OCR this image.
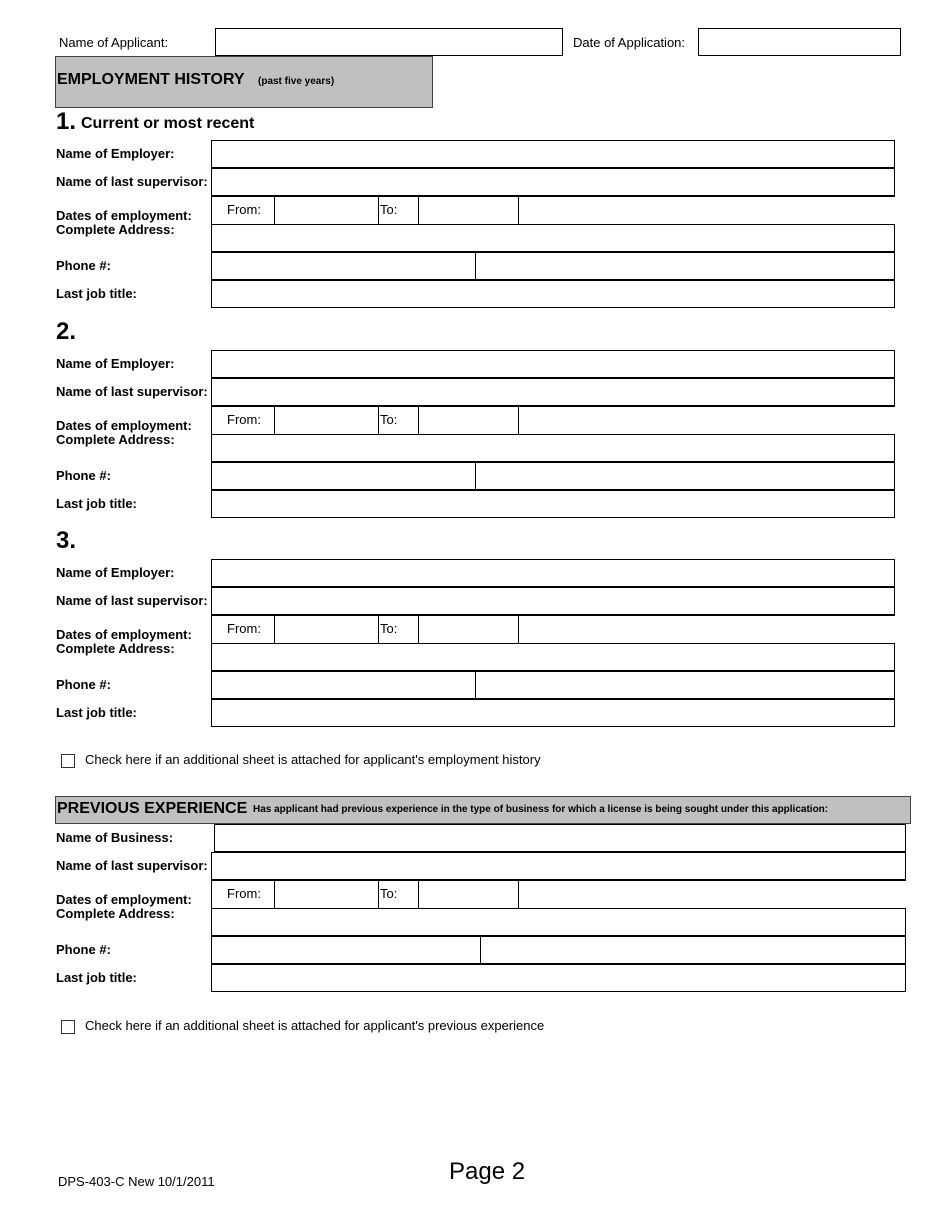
Name of Applicant:	Date of Application:
EMPLOYMENT HISTORY (past five years)
1. Current or most recent
Name of Employer:
Name of last supervisor:
Dates of employment:	From:	To:
Complete Address:
Phone #:
Last job title:
2.
Name of Employer:
Name of last supervisor:
Dates of employment:	From:	To:
Complete Address:
Phone #:
Last job title:
3.
Name of Employer:
Name of last supervisor:
Dates of employment:	From:	To:
Complete Address:
Phone #:
Last job title:
Check here if an additional sheet is attached for applicant's employment history
PREVIOUS EXPERIENCE Has applicant had previous experience in the type of business for which a license is being sought under this application:
Name of Business:
Name of last supervisor:
Dates of employment:	From:	To:
Complete Address:
Phone #:
Last job title:
Check here if an additional sheet is attached for applicant's previous experience
DPS-403-C New 10/1/2011	Page 2
